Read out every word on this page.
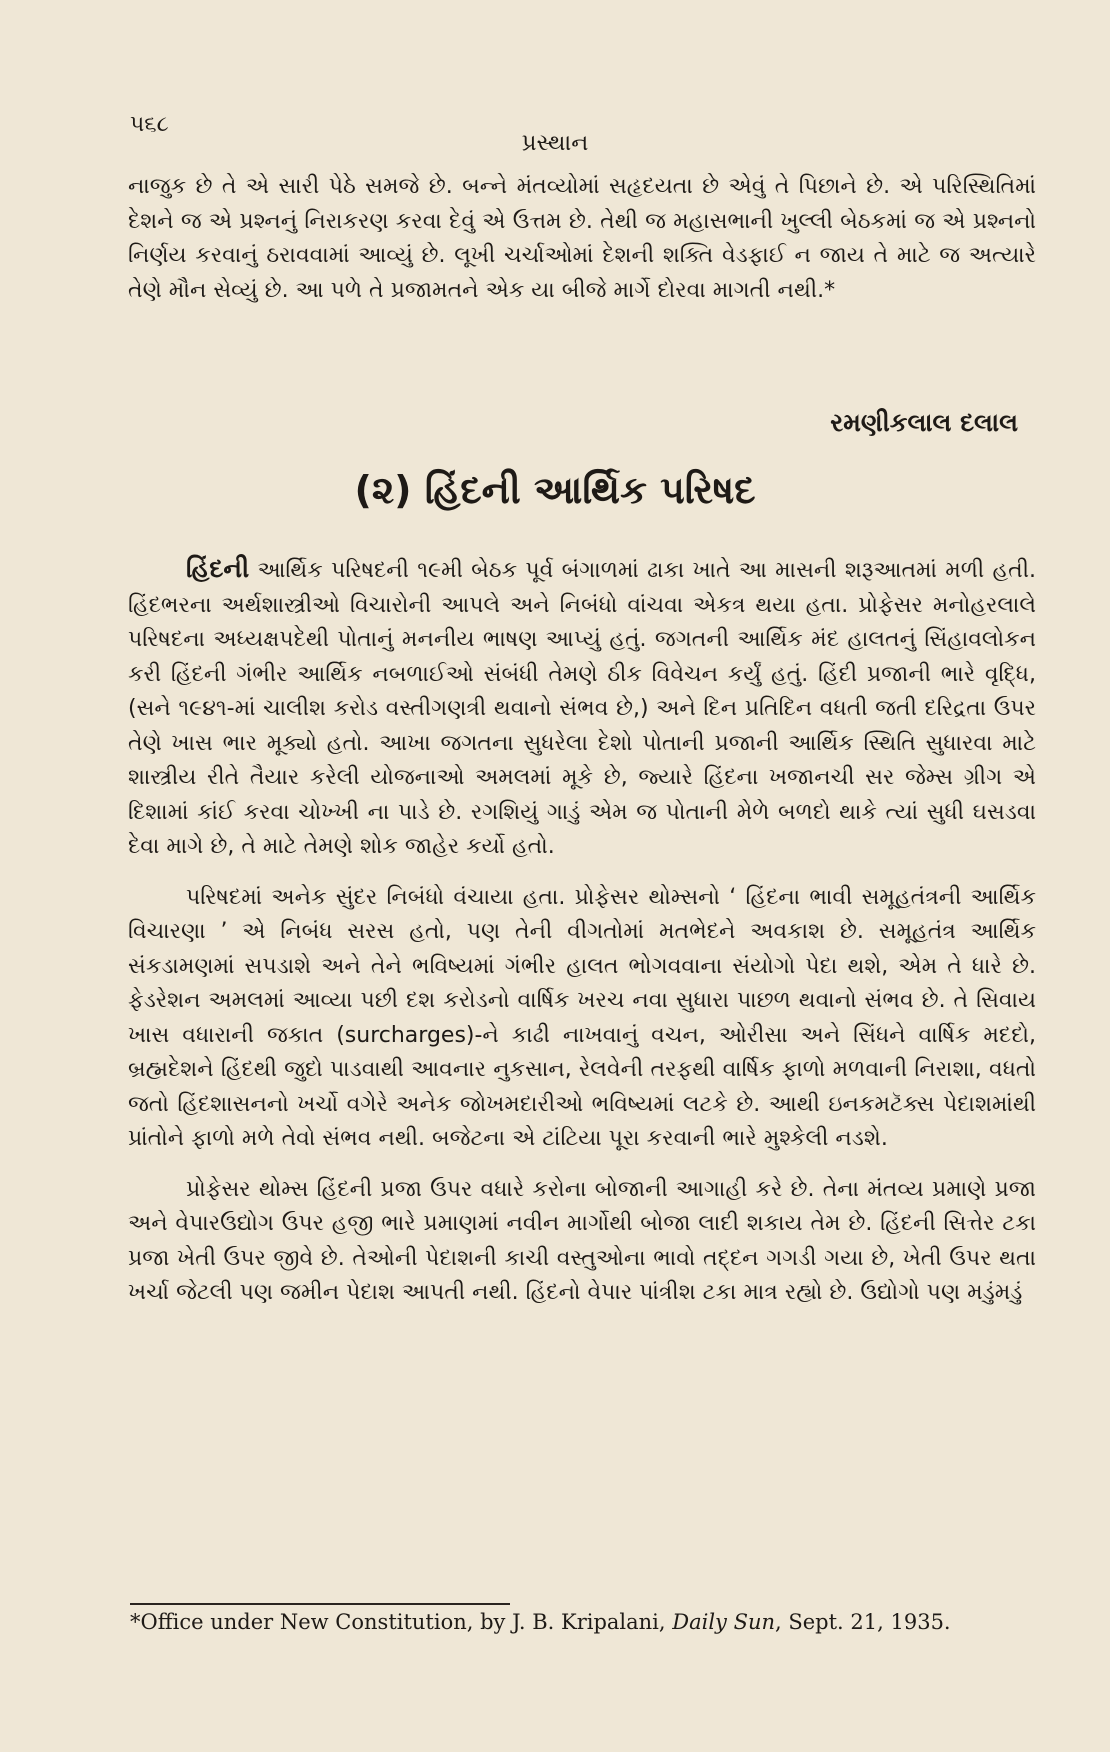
પ૬૮
પ્રસ્થાન

નાજુક છે તે એ સારી પેઠે સમજે છે. બન્ને મંતવ્યોમાં સહૃદયતા છે એવું તે પિછાને છે. એ પરિસ્થિતિમાં દેશને જ એ પ્રશ્નનું નિરાકરણ કરવા દેવું એ ઉત્તમ છે. તેથી જ મહાસભાની ખુલ્લી બેઠકમાં જ એ પ્રશ્નનો નિર્ણય કરવાનું ઠરાવવામાં આવ્યું છે. લૂખી ચર્ચાઓમાં દેશની શક્તિ વેડફાઈ ન જાય તે માટે જ અત્યારે તેણે મૌન સેવ્યું છે. આ પળે તે પ્રજામતને એક યા બીજે માર્ગે દોરવા માગતી નથી.*

રમણીકલાલ દલાલ
(૨) હિંદની આર્થિક પરિષદ

હિંદની આર્થિક પરિષદની ૧૯મી બેઠક પૂર્વ બંગાળમાં ઢાકા ખાતે આ માસની શરૂઆતમાં મળી હતી. હિંદભરના અર્થશાસ્ત્રીઓ વિચારોની આપલે અને નિબંધો વાંચવા એકત્ર થયા હતા. પ્રોફેસર મનોહરલાલે પરિષદના અધ્યક્ષપદેથી પોતાનું મનનીય ભાષણ આપ્યું હતું. જગતની આર્થિક મંદ હાલતનું સિંહાવલોકન કરી હિંદની ગંભીર આર્થિક નબળાઈઓ સંબંધી તેમણે ઠીક વિવેચન કર્યું હતું. હિંદી પ્રજાની ભારે વૃદ્ધિ, (સને ૧૯૪૧-માં ચાલીશ કરોડ વસ્તીગણત્રી થવાનો સંભવ છે,) અને દિન પ્રતિદિન વધતી જતી દરિદ્રતા ઉપર તેણે ખાસ ભાર મૂક્યો હતો. આખા જગતના સુધરેલા દેશો પોતાની પ્રજાની આર્થિક સ્થિતિ સુધારવા માટે શાસ્ત્રીય રીતે તૈયાર કરેલી યોજનાઓ અમલમાં મૂકે છે, જ્યારે હિંદના ખજાનચી સર જેમ્સ ગ્રીગ એ દિશામાં કાંઈ કરવા ચોખ્ખી ના પાડે છે. રગશિયું ગાડું એમ જ પોતાની મેળે બળદો થાકે ત્યાં સુધી ઘસડવા દેવા માગે છે, તે માટે તેમણે શોક જાહેર કર્યો હતો.

પરિષદમાં અનેક સુંદર નિબંધો વંચાયા હતા. પ્રોફેસર થોમ્સનો ‘ હિંદના ભાવી સમૂહતંત્રની આર્થિક વિચારણા ’ એ નિબંધ સરસ હતો, પણ તેની વીગતોમાં મતભેદને અવકાશ છે. સમૂહતંત્ર આર્થિક સંકડામણમાં સપડાશે અને તેને ભવિષ્યમાં ગંભીર હાલત ભોગવવાના સંયોગો પેદા થશે, એમ તે ધારે છે. ફેડરેશન અમલમાં આવ્યા પછી દશ કરોડનો વાર્ષિક ખરચ નવા સુધારા પાછળ થવાનો સંભવ છે. તે સિવાય ખાસ વધારાની જકાત (surcharges)-ને કાઢી નાખવાનું વચન, ઓરીસા અને સિંધને વાર્ષિક મદદો, બ્રહ્મદેશને હિંદથી જુદો પાડવાથી આવનાર નુકસાન, રેલવેની તરફથી વાર્ષિક ફાળો મળવાની નિરાશા, વધતો જતો હિંદશાસનનો ખર્ચો વગેરે અનેક જોખમદારીઓ ભવિષ્યમાં લટકે છે. આથી ઇનકમટૅક્સ પેદાશમાંથી પ્રાંતોને ફાળો મળે તેવો સંભવ નથી. બજેટના એ ટાંટિયા પૂરા કરવાની ભારે મુશ્કેલી નડશે.

પ્રોફેસર થોમ્સ હિંદની પ્રજા ઉપર વધારે કરોના બોજાની આગાહી કરે છે. તેના મંતવ્ય પ્રમાણે પ્રજા અને વેપારઉદ્યોગ ઉપર હજી ભારે પ્રમાણમાં નવીન માર્ગોથી બોજા લાદી શકાય તેમ છે. હિંદની સિત્તેર ટકા પ્રજા ખેતી ઉપર જીવે છે. તેઓની પેદાશની કાચી વસ્તુઓના ભાવો તદ્દન ગગડી ગયા છે, ખેતી ઉપર થતા ખર્ચા જેટલી પણ જમીન પેદાશ આપતી નથી. હિંદનો વેપાર પાંત્રીશ ટકા માત્ર રહ્યો છે. ઉદ્યોગો પણ મડુંમડું

*Office under New Constitution, by J. B. Kripalani, Daily Sun, Sept. 21, 1935.
